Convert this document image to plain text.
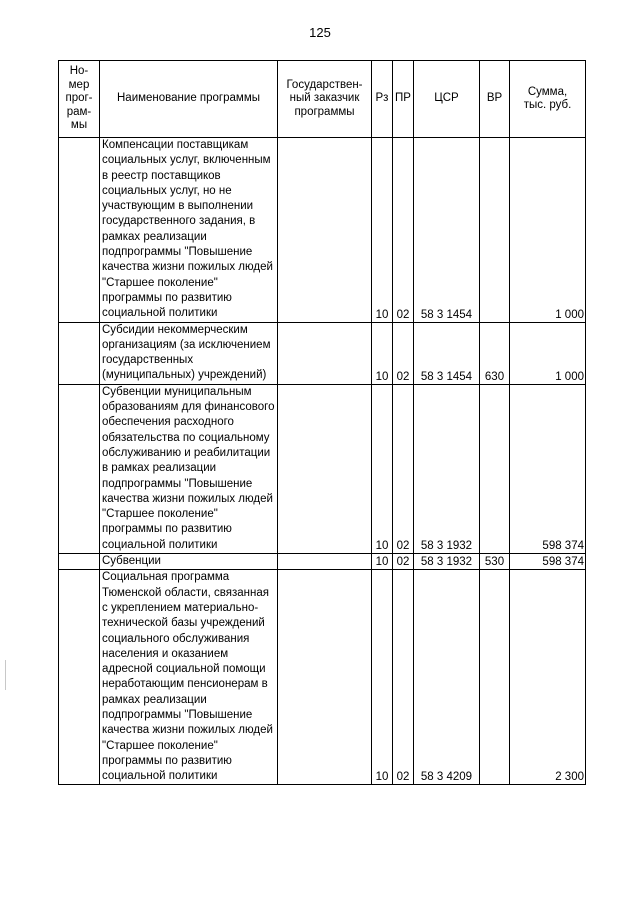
125
Но-
мер
прог-
рам-
мы	Наименование программы	Государствен-
ный заказчик
программы	Рз	ПР	ЦСР	ВР	Сумма,
тыс. руб.
	Компенсации поставщикам социальных услуг, включенным в реестр поставщиков социальных услуг, но не участвующим в выполнении государственного задания, в рамках реализации подпрограммы "Повышение качества жизни пожилых людей "Старшее поколение" программы по развитию социальной политики		10	02	58 3 1454		1 000
	Субсидии некоммерческим организациям (за исключением государственных (муниципальных) учреждений)		10	02	58 3 1454	630	1 000
	Субвенции муниципальным образованиям для финансового обеспечения расходного обязательства по социальному обслуживанию и реабилитации в рамках реализации подпрограммы "Повышение качества жизни пожилых людей "Старшее поколение" программы по развитию социальной политики		10	02	58 3 1932		598 374
	Субвенции		10	02	58 3 1932	530	598 374
	Социальная программа Тюменской области, связанная с укреплением материально-технической базы учреждений социального обслуживания населения и оказанием адресной социальной помощи неработающим пенсионерам в рамках реализации подпрограммы "Повышение качества жизни пожилых людей "Старшее поколение" программы по развитию социальной политики		10	02	58 3 4209		2 300
